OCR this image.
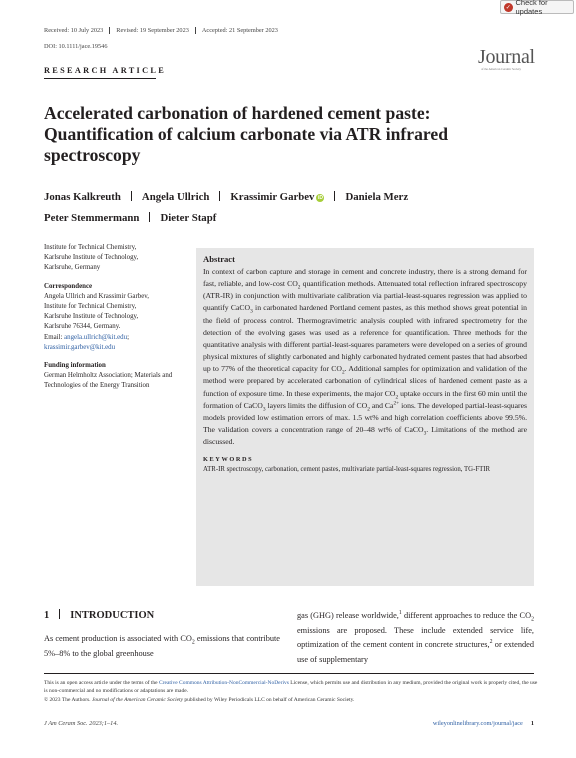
Received: 10 July 2023	Revised: 19 September 2023	Accepted: 21 September 2023
DOI: 10.1111/jace.19546
✓
Check for updates
Journal
of the American Ceramic Society
RESEARCH ARTICLE
Accelerated carbonation of hardened cement paste: Quantification of calcium carbonate via ATR infrared spectroscopy
Jonas Kalkreuth Angela Ullrich Krassimir Garbev iD Daniela Merz
Peter Stemmermann Dieter Stapf
Institute for Technical Chemistry,
Karlsruhe Institute of Technology,
Karlsruhe, Germany
Correspondence
Angela Ullrich and Krassimir Garbev,
Institute for Technical Chemistry,
Karlsruhe Institute of Technology,
Karlsruhe 76344, Germany.
Email: angela.ullrich@kit.edu;
krassimir.garbev@kit.edu
Funding information
German Helmholtz Association; Materials and Technologies of the Energy Transition
Abstract
In context of carbon capture and storage in cement and concrete industry, there is a strong demand for fast, reliable, and low-cost $CO_2$ quantification methods. Attenuated total reflection infrared spectroscopy (ATR-IR) in conjunction with multivariate calibration via partial-least-squares regression was applied to quantify CaCO$_3$ in carbonated hardened Portland cement pastes, as this method shows great potential in the field of process control. Thermogravimetric analysis coupled with infrared spectrometry for the detection of the evolving gases was used as a reference for quantification. Three methods for the quantitative analysis with different partial-least-squares parameters were developed on a series of ground physical mixtures of slightly carbonated and highly carbonated hydrated cement pastes that had absorbed up to 77% of the theoretical capacity for $CO_2$. Additional samples for optimization and validation of the method were prepared by accelerated carbonation of cylindrical slices of hardened cement paste as a function of exposure time. In these experiments, the major $CO_2$ uptake occurs in the first 60 min until the formation of CaCO$_3$ layers limits the diffusion of $CO_2$ and $Ca^{2+}$ ions. The developed partial-least-squares models provided low estimation errors of max. 1.5 wt% and high correlation coefficients above 99.5%. The validation covers a concentration range of 20–48 wt% of CaCO$_3$. Limitations of the method are discussed.
KEYWORDS
ATR-IR spectroscopy, carbonation, cement pastes, multivariate partial-least-squares regression, TG-FTIR
1 INTRODUCTION
As cement production is associated with $CO_2$ emissions that contribute 5%–8% to the global greenhouse
gas (GHG) release worldwide,$^1$ different approaches to reduce the $CO_2$ emissions are proposed. These include extended service life, optimization of the cement content in concrete structures,$^2$ or extended use of supplementary
This is an open access article under the terms of the Creative Commons Attribution-NonCommercial-NoDerivs License, which permits use and distribution in any medium, provided the original work is properly cited, the use is non-commercial and no modifications or adaptations are made.
© 2023 The Authors. Journal of the American Ceramic Society published by Wiley Periodicals LLC on behalf of American Ceramic Society.
J Am Ceram Soc. 2023;1–14.	wileyonlinelibrary.com/journal/jace 1
